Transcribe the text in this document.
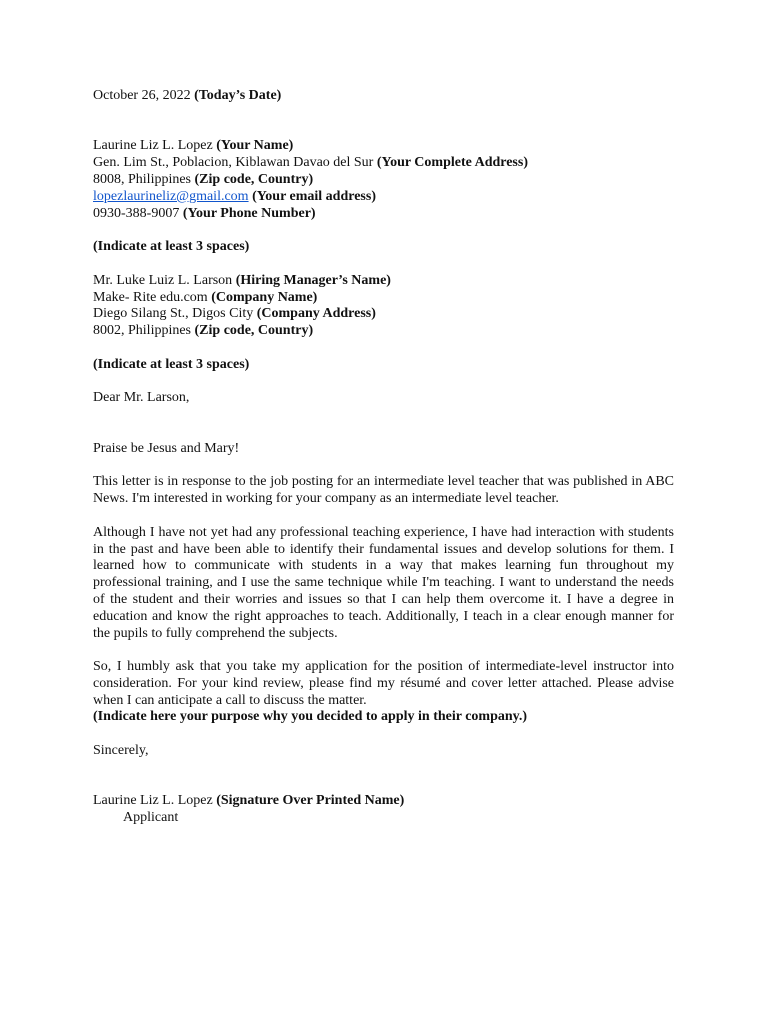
October 26, 2022 (Today’s Date)
Laurine Liz L. Lopez (Your Name)
Gen. Lim St., Poblacion, Kiblawan Davao del Sur (Your Complete Address)
8008, Philippines (Zip code, Country)
lopezlaurineliz@gmail.com (Your email address)
0930-388-9007 (Your Phone Number)
(Indicate at least 3 spaces)
Mr. Luke Luiz L. Larson (Hiring Manager’s Name)
Make- Rite edu.com (Company Name)
Diego Silang St., Digos City (Company Address)
8002, Philippines (Zip code, Country)
(Indicate at least 3 spaces)
Dear Mr. Larson,
Praise be Jesus and Mary!
This letter is in response to the job posting for an intermediate level teacher that was published in ABC News. I'm interested in working for your company as an intermediate level teacher.
Although I have not yet had any professional teaching experience, I have had interaction with students in the past and have been able to identify their fundamental issues and develop solutions for them. I learned how to communicate with students in a way that makes learning fun throughout my professional training, and I use the same technique while I'm teaching. I want to understand the needs of the student and their worries and issues so that I can help them overcome it. I have a degree in education and know the right approaches to teach. Additionally, I teach in a clear enough manner for the pupils to fully comprehend the subjects.
So, I humbly ask that you take my application for the position of intermediate-level instructor into consideration. For your kind review, please find my résumé and cover letter attached. Please advise when I can anticipate a call to discuss the matter.
(Indicate here your purpose why you decided to apply in their company.)
Sincerely,
Laurine Liz L. Lopez (Signature Over Printed Name)
Applicant
